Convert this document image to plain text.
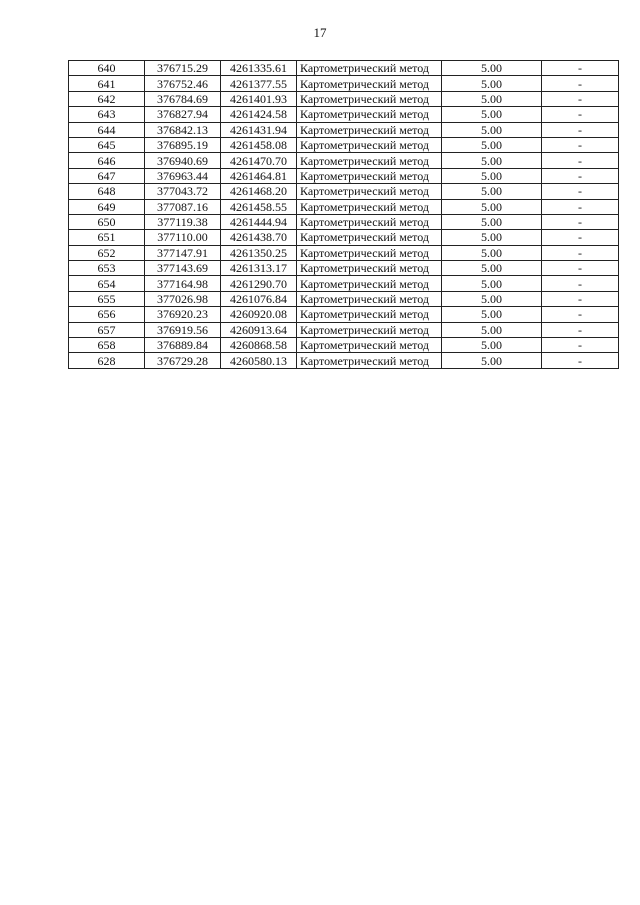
17
640	376715.29	4261335.61	Картометрический метод	5.00	-
641	376752.46	4261377.55	Картометрический метод	5.00	-
642	376784.69	4261401.93	Картометрический метод	5.00	-
643	376827.94	4261424.58	Картометрический метод	5.00	-
644	376842.13	4261431.94	Картометрический метод	5.00	-
645	376895.19	4261458.08	Картометрический метод	5.00	-
646	376940.69	4261470.70	Картометрический метод	5.00	-
647	376963.44	4261464.81	Картометрический метод	5.00	-
648	377043.72	4261468.20	Картометрический метод	5.00	-
649	377087.16	4261458.55	Картометрический метод	5.00	-
650	377119.38	4261444.94	Картометрический метод	5.00	-
651	377110.00	4261438.70	Картометрический метод	5.00	-
652	377147.91	4261350.25	Картометрический метод	5.00	-
653	377143.69	4261313.17	Картометрический метод	5.00	-
654	377164.98	4261290.70	Картометрический метод	5.00	-
655	377026.98	4261076.84	Картометрический метод	5.00	-
656	376920.23	4260920.08	Картометрический метод	5.00	-
657	376919.56	4260913.64	Картометрический метод	5.00	-
658	376889.84	4260868.58	Картометрический метод	5.00	-
628	376729.28	4260580.13	Картометрический метод	5.00	-
